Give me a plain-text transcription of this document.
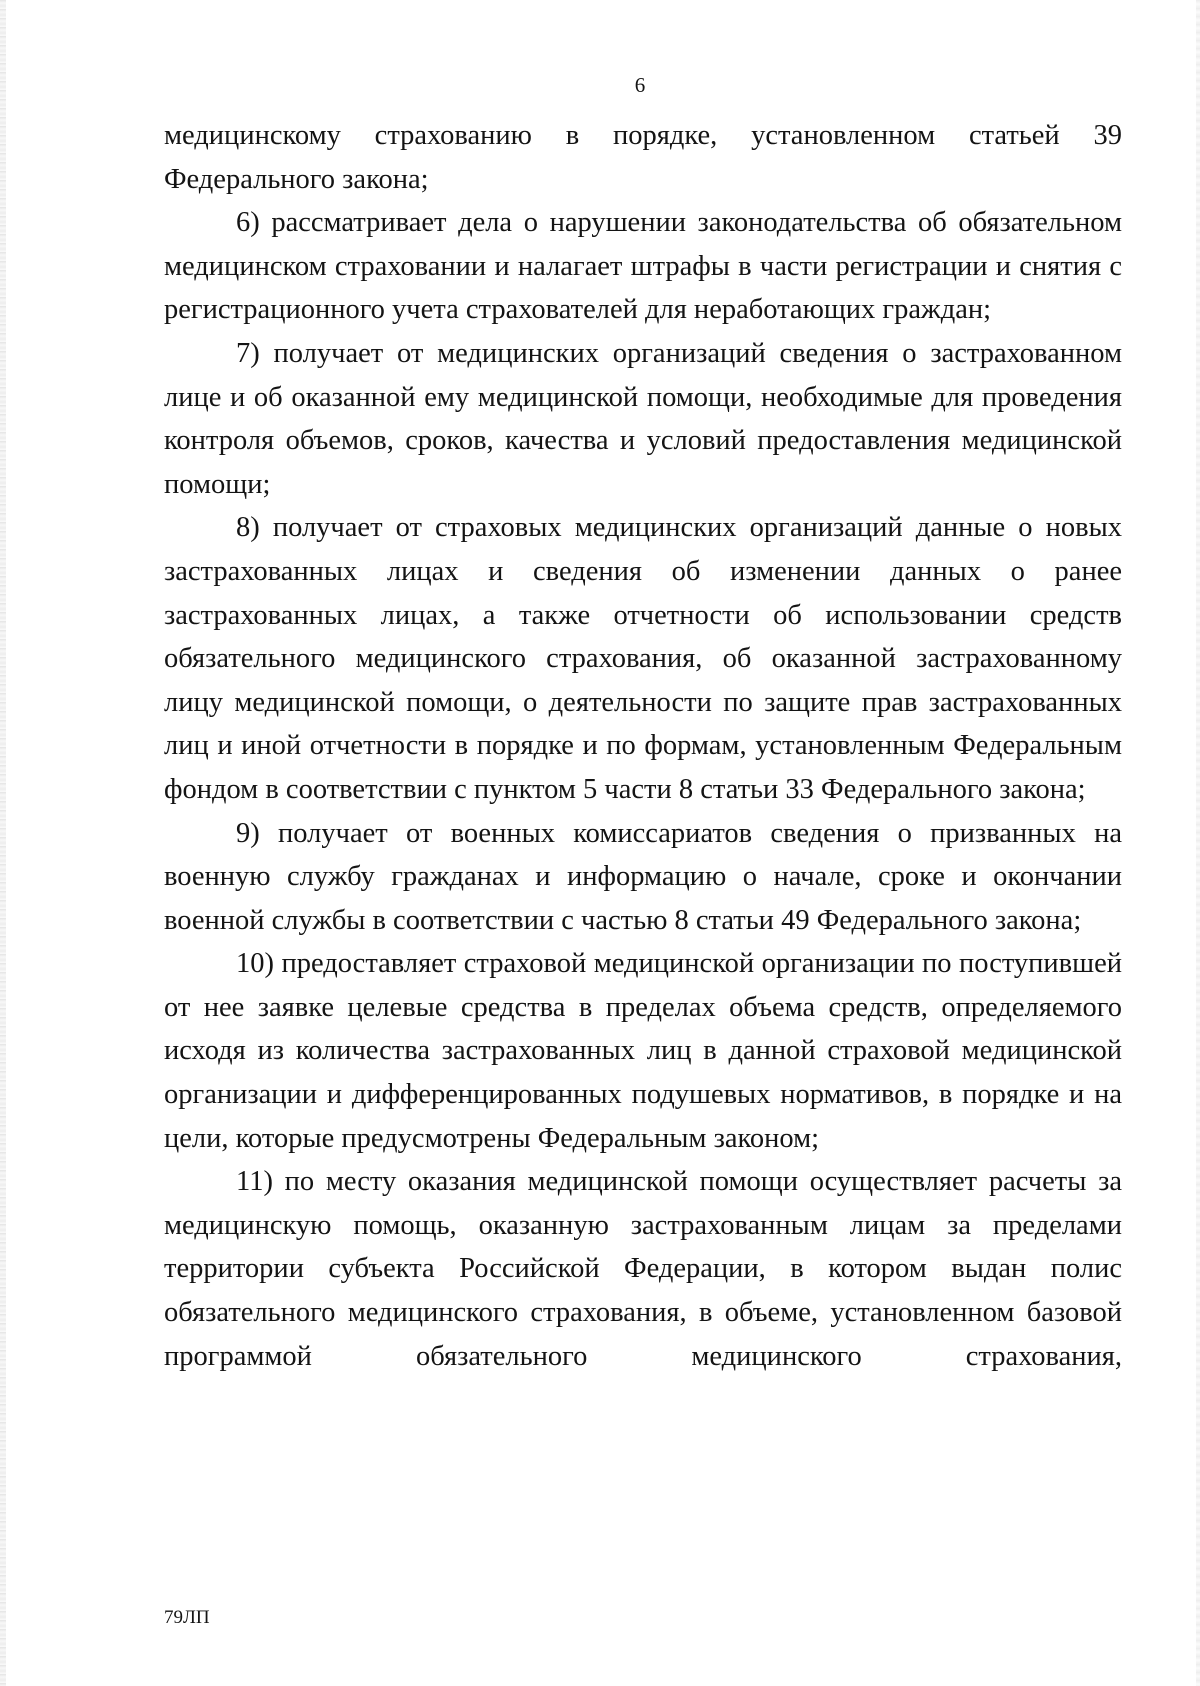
6

медицинскому страхованию в порядке, установленном статьей 39 Федерального закона;

6) рассматривает дела о нарушении законодательства об обязательном медицинском страховании и налагает штрафы в части регистрации и снятия с регистрационного учета страхователей для неработающих граждан;

7) получает от медицинских организаций сведения о застрахованном лице и об оказанной ему медицинской помощи, необходимые для проведения контроля объемов, сроков, качества и условий предоставления медицинской помощи;

8) получает от страховых медицинских организаций данные о новых застрахованных лицах и сведения об изменении данных о ранее застрахованных лицах, а также отчетности об использовании средств обязательного медицинского страхования, об оказанной застрахованному лицу медицинской помощи, о деятельности по защите прав застрахованных лиц и иной отчетности в порядке и по формам, установленным Федеральным фондом в соответствии с пунктом 5 части 8 статьи 33 Федерального закона;

9) получает от военных комиссариатов сведения о призванных на военную службу гражданах и информацию о начале, сроке и окончании военной службы в соответствии с частью 8 статьи 49 Федерального закона;

10) предоставляет страховой медицинской организации по поступившей от нее заявке целевые средства в пределах объема средств, определяемого исходя из количества застрахованных лиц в данной страховой медицинской организации и дифференцированных подушевых нормативов, в порядке и на цели, которые предусмотрены Федеральным законом;

11) по месту оказания медицинской помощи осуществляет расчеты за медицинскую помощь, оказанную застрахованным лицам за пределами территории субъекта Российской Федерации, в котором выдан полис обязательного медицинского страхования, в объеме, установленном базовой программой обязательного медицинского страхования,

79ЛП
